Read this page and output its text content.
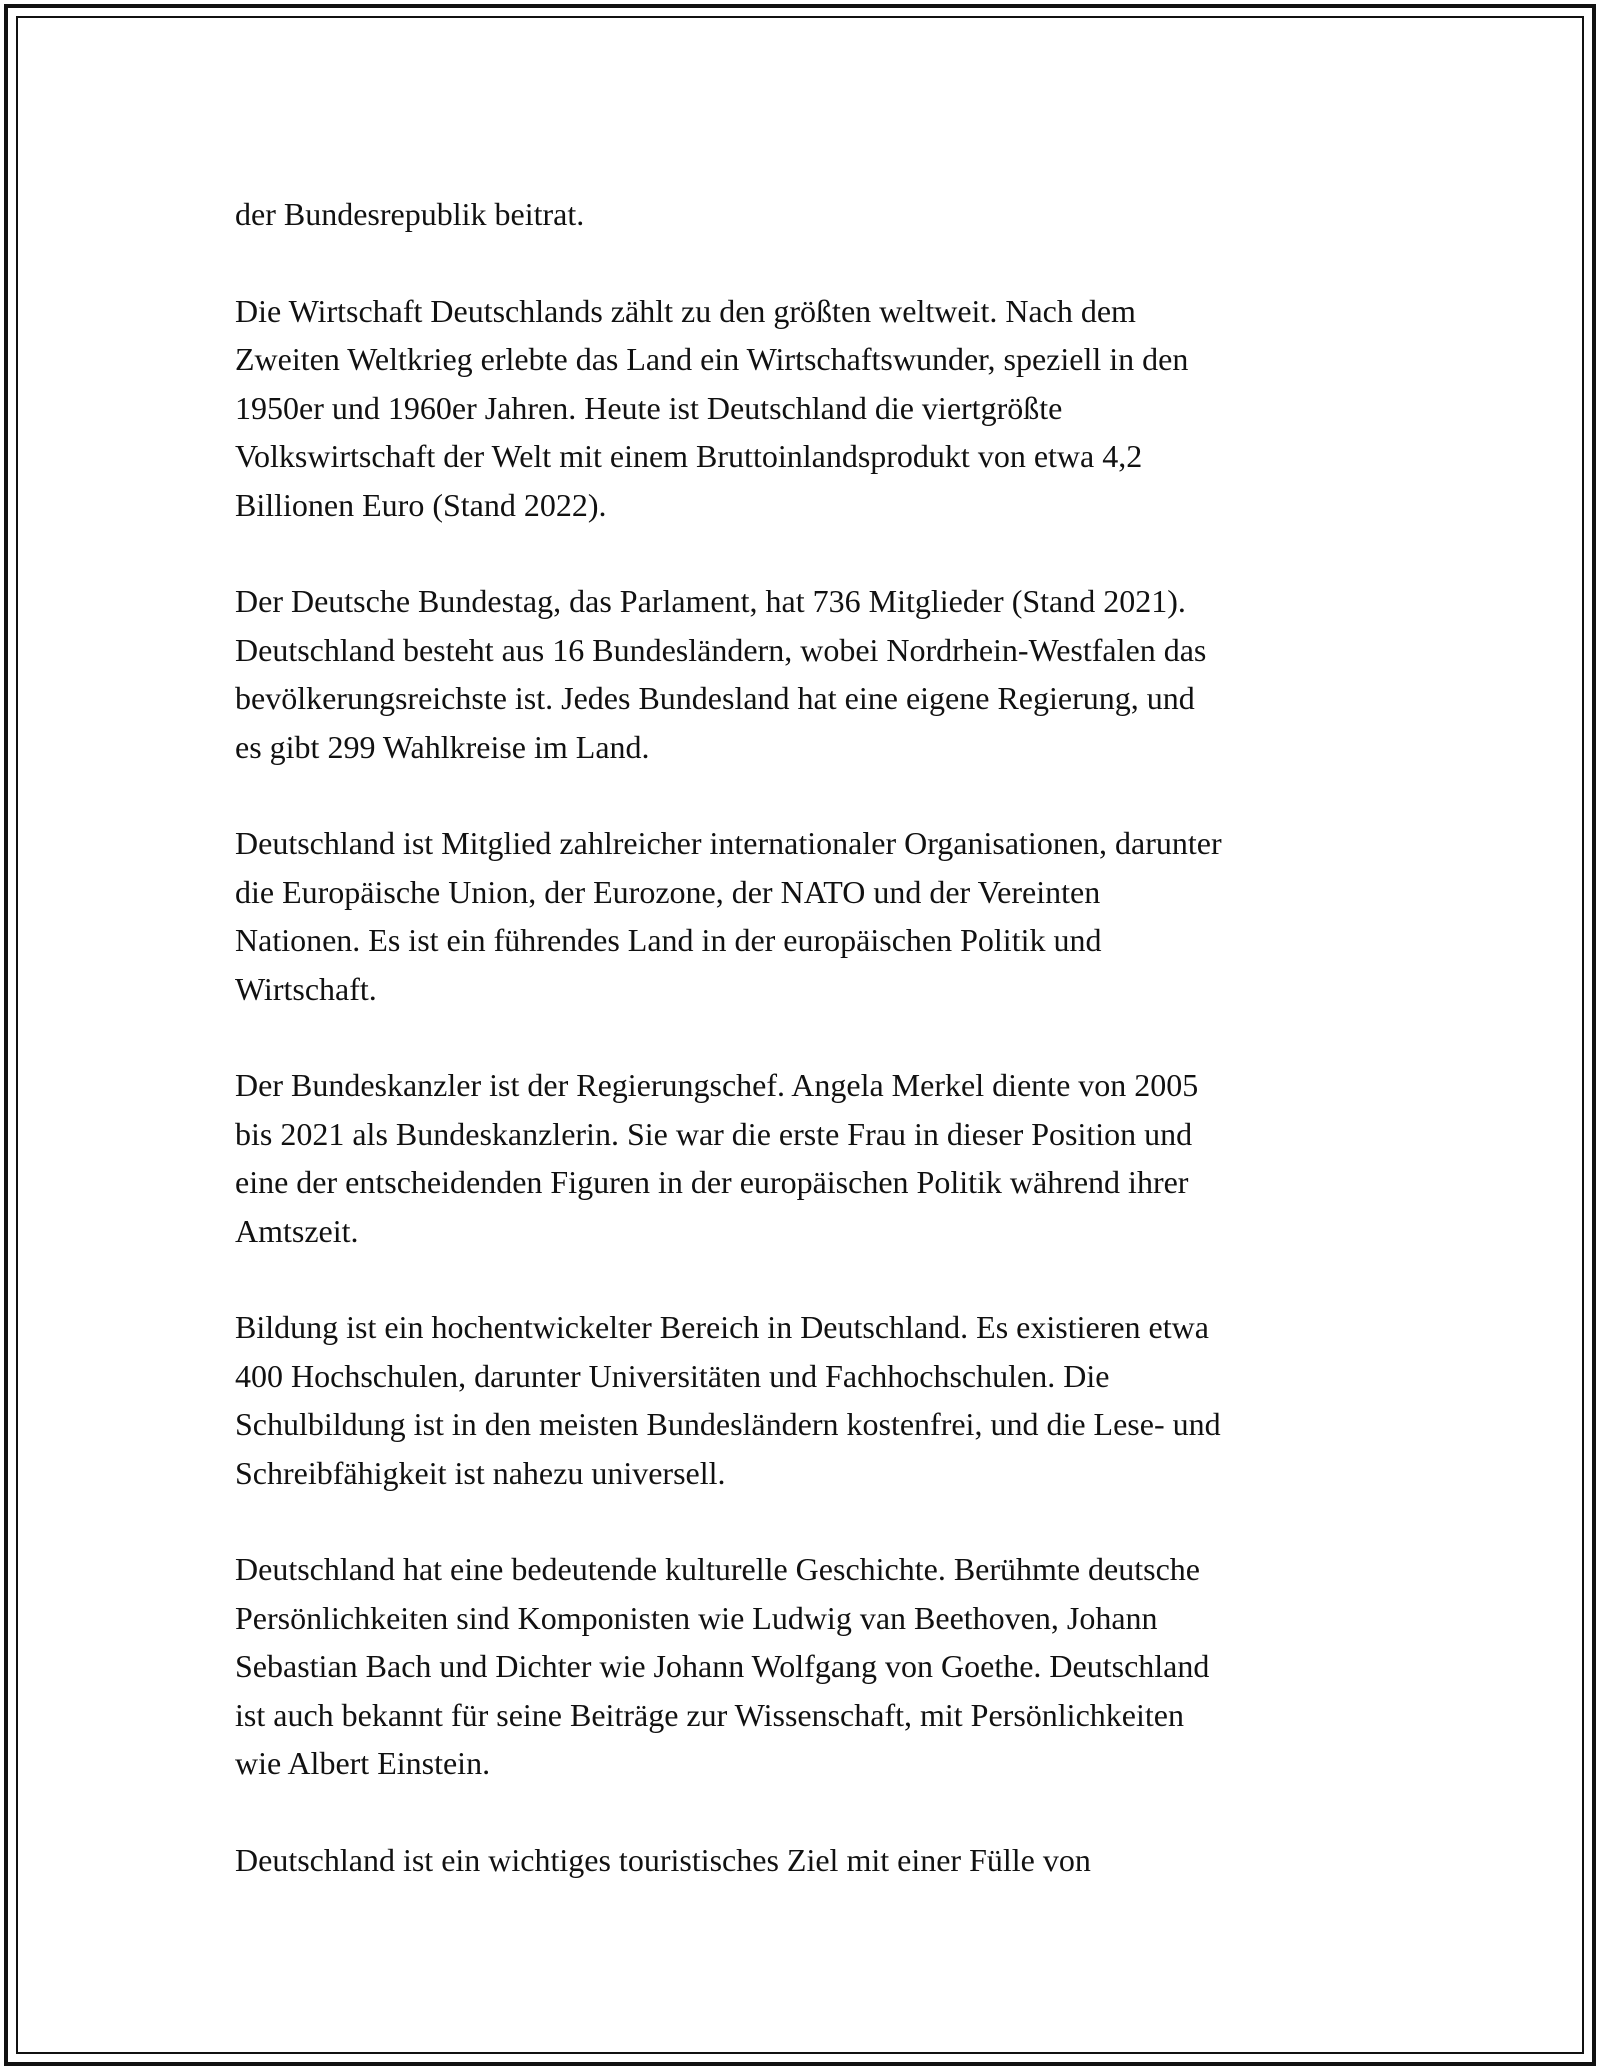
der Bundesrepublik beitrat.

Die Wirtschaft Deutschlands zählt zu den größten weltweit. Nach dem
Zweiten Weltkrieg erlebte das Land ein Wirtschaftswunder, speziell in den
1950er und 1960er Jahren. Heute ist Deutschland die viertgrößte
Volkswirtschaft der Welt mit einem Bruttoinlandsprodukt von etwa 4,2
Billionen Euro (Stand 2022).

Der Deutsche Bundestag, das Parlament, hat 736 Mitglieder (Stand 2021).
Deutschland besteht aus 16 Bundesländern, wobei Nordrhein-Westfalen das
bevölkerungsreichste ist. Jedes Bundesland hat eine eigene Regierung, und
es gibt 299 Wahlkreise im Land.

Deutschland ist Mitglied zahlreicher internationaler Organisationen, darunter
die Europäische Union, der Eurozone, der NATO und der Vereinten
Nationen. Es ist ein führendes Land in der europäischen Politik und
Wirtschaft.

Der Bundeskanzler ist der Regierungschef. Angela Merkel diente von 2005
bis 2021 als Bundeskanzlerin. Sie war die erste Frau in dieser Position und
eine der entscheidenden Figuren in der europäischen Politik während ihrer
Amtszeit.

Bildung ist ein hochentwickelter Bereich in Deutschland. Es existieren etwa
400 Hochschulen, darunter Universitäten und Fachhochschulen. Die
Schulbildung ist in den meisten Bundesländern kostenfrei, und die Lese- und
Schreibfähigkeit ist nahezu universell.

Deutschland hat eine bedeutende kulturelle Geschichte. Berühmte deutsche
Persönlichkeiten sind Komponisten wie Ludwig van Beethoven, Johann
Sebastian Bach und Dichter wie Johann Wolfgang von Goethe. Deutschland
ist auch bekannt für seine Beiträge zur Wissenschaft, mit Persönlichkeiten
wie Albert Einstein.

Deutschland ist ein wichtiges touristisches Ziel mit einer Fülle von
